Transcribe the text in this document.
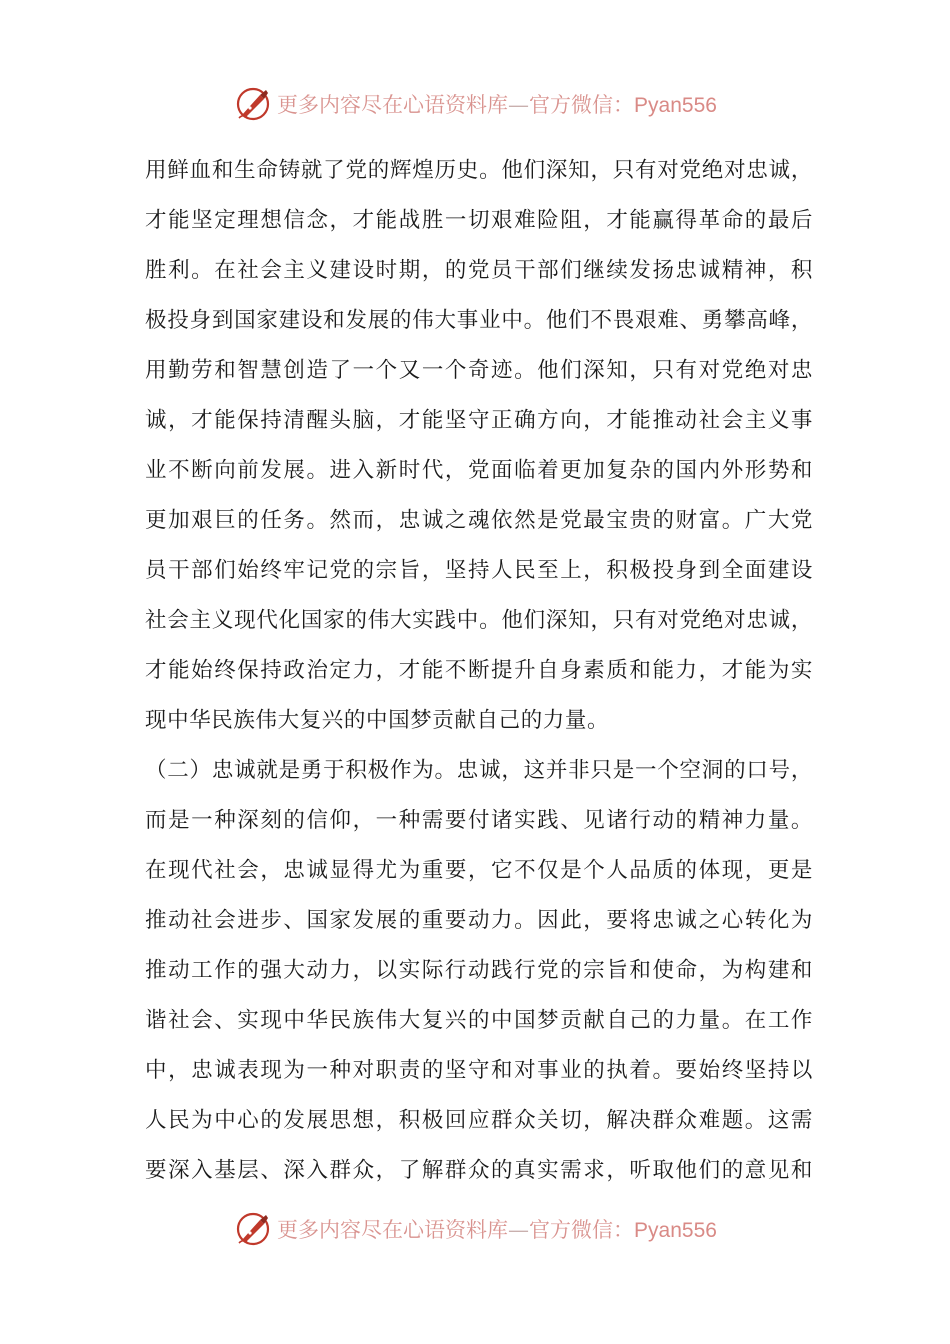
更多内容尽在心语资料库—官方微信：Pyan556
用鲜血和生命铸就了党的辉煌历史。他们深知，只有对党绝对忠诚，
才能坚定理想信念，才能战胜一切艰难险阻，才能赢得革命的最后
胜利。在社会主义建设时期，的党员干部们继续发扬忠诚精神，积
极投身到国家建设和发展的伟大事业中。他们不畏艰难、勇攀高峰，
用勤劳和智慧创造了一个又一个奇迹。他们深知，只有对党绝对忠
诚，才能保持清醒头脑，才能坚守正确方向，才能推动社会主义事
业不断向前发展。进入新时代，党面临着更加复杂的国内外形势和
更加艰巨的任务。然而，忠诚之魂依然是党最宝贵的财富。广大党
员干部们始终牢记党的宗旨，坚持人民至上，积极投身到全面建设
社会主义现代化国家的伟大实践中。他们深知，只有对党绝对忠诚，
才能始终保持政治定力，才能不断提升自身素质和能力，才能为实
现中华民族伟大复兴的中国梦贡献自己的力量。
（二）忠诚就是勇于积极作为。忠诚，这并非只是一个空洞的口号，
而是一种深刻的信仰，一种需要付诸实践、见诸行动的精神力量。
在现代社会，忠诚显得尤为重要，它不仅是个人品质的体现，更是
推动社会进步、国家发展的重要动力。因此，要将忠诚之心转化为
推动工作的强大动力，以实际行动践行党的宗旨和使命，为构建和
谐社会、实现中华民族伟大复兴的中国梦贡献自己的力量。在工作
中，忠诚表现为一种对职责的坚守和对事业的执着。要始终坚持以
人民为中心的发展思想，积极回应群众关切，解决群众难题。这需
要深入基层、深入群众，了解群众的真实需求，听取他们的意见和
更多内容尽在心语资料库—官方微信：Pyan556
